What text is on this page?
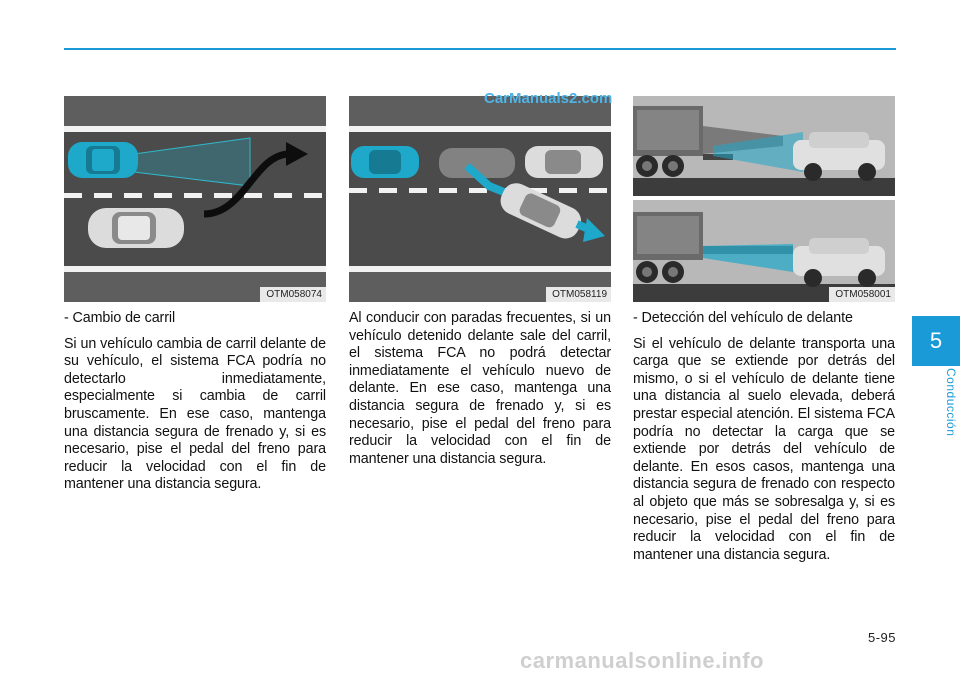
OTM058074	OTM058119	OTM058001

- Cambio de carril

Si un vehículo cambia de carril delante de su vehículo, el sistema FCA podría no detectarlo inmediatamente, especialmente si cambia de carril bruscamente. En ese caso, mantenga una distancia segura de frenado y, si es necesario, pise el pedal del freno para reducir la velocidad con el fin de mantener una distancia segura.

Al conducir con paradas frecuentes, si un vehículo detenido delante sale del carril, el sistema FCA no podrá detectar inmediatamente el vehículo nuevo de delante. En ese caso, mantenga una distancia segura de frenado y, si es necesario, pise el pedal del freno para reducir la velocidad con el fin de mantener una distancia segura.

- Detección del vehículo de delante

Si el vehículo de delante transporta una carga que se extiende por detrás del mismo, o si el vehículo de delante tiene una distancia al suelo elevada, deberá prestar especial atención. El sistema FCA podría no detectar la carga que se extiende por detrás del vehículo de delante. En esos casos, mantenga una distancia segura de frenado con respecto al objeto que más se sobresalga y, si es necesario, pise el pedal del freno para reducir la velocidad con el fin de mantener una distancia segura.

5
Conducción
5-95
CarManuals2.com
carmanualsonline.info
